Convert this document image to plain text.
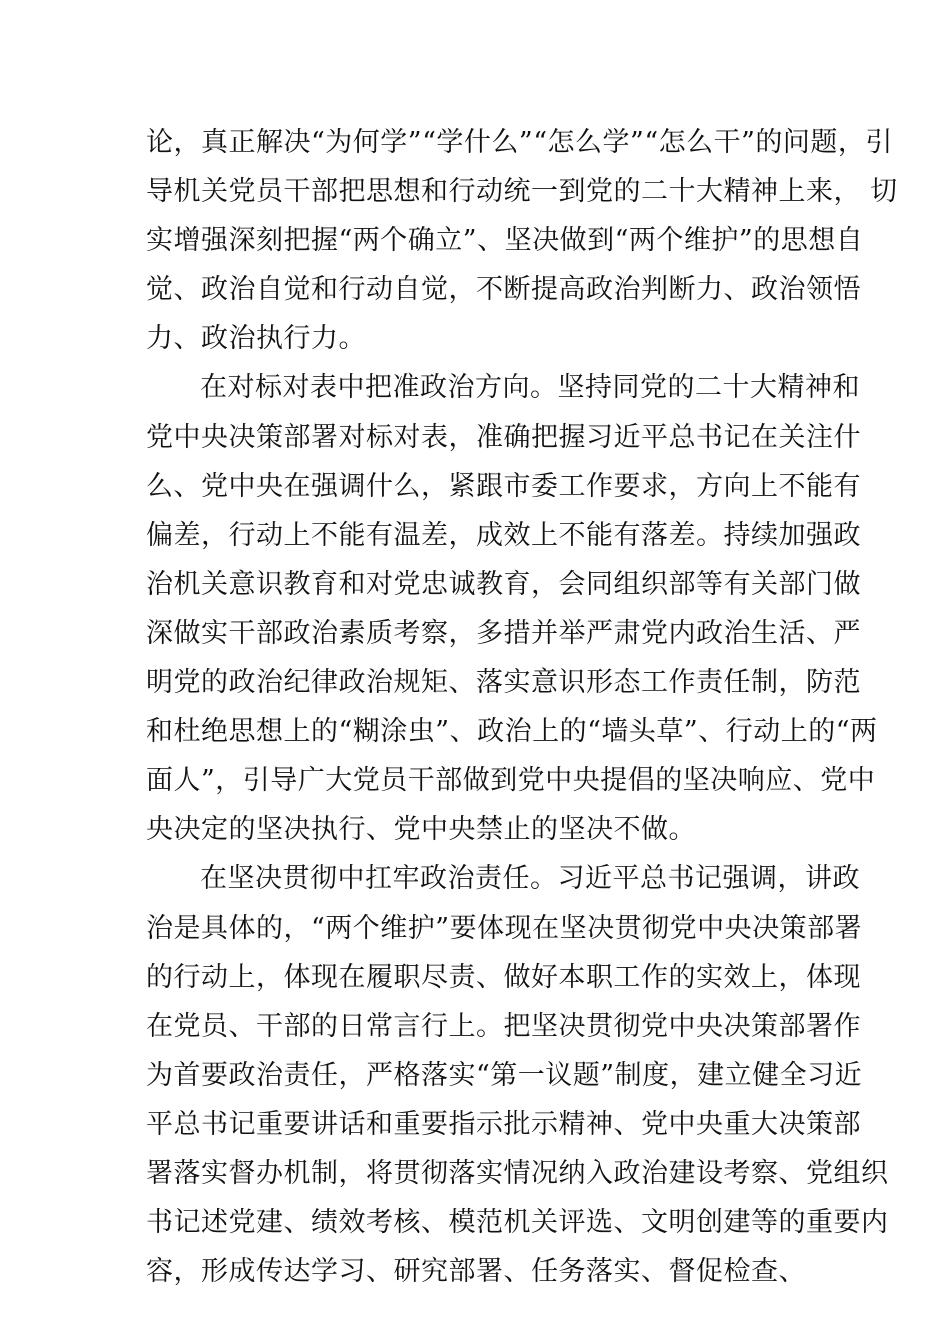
论，真正解决“为何学”“学什么”“怎么学”“怎么干”的问题，引
导机关党员干部把思想和行动统一到党的二十大精神上来， 切
实增强深刻把握“两个确立”、坚决做到“两个维护”的思想自
觉、政治自觉和行动自觉，不断提高政治判断力、政治领悟
力、政治执行力。
在对标对表中把准政治方向。坚持同党的二十大精神和
党中央决策部署对标对表，准确把握习近平总书记在关注什
么、党中央在强调什么，紧跟市委工作要求，方向上不能有
偏差，行动上不能有温差，成效上不能有落差。持续加强政
治机关意识教育和对党忠诚教育，会同组织部等有关部门做
深做实干部政治素质考察，多措并举严肃党内政治生活、严
明党的政治纪律政治规矩、落实意识形态工作责任制，防范
和杜绝思想上的“糊涂虫”、政治上的“墙头草”、行动上的“两
面人”，引导广大党员干部做到党中央提倡的坚决响应、党中
央决定的坚决执行、党中央禁止的坚决不做。
在坚决贯彻中扛牢政治责任。习近平总书记强调，讲政
治是具体的，“两个维护”要体现在坚决贯彻党中央决策部署
的行动上，体现在履职尽责、做好本职工作的实效上，体现
在党员、干部的日常言行上。把坚决贯彻党中央决策部署作
为首要政治责任，严格落实“第一议题”制度，建立健全习近
平总书记重要讲话和重要指示批示精神、党中央重大决策部
署落实督办机制，将贯彻落实情况纳入政治建设考察、党组织
书记述党建、绩效考核、模范机关评选、文明创建等的重要内
容，形成传达学习、研究部署、任务落实、督促检查、
